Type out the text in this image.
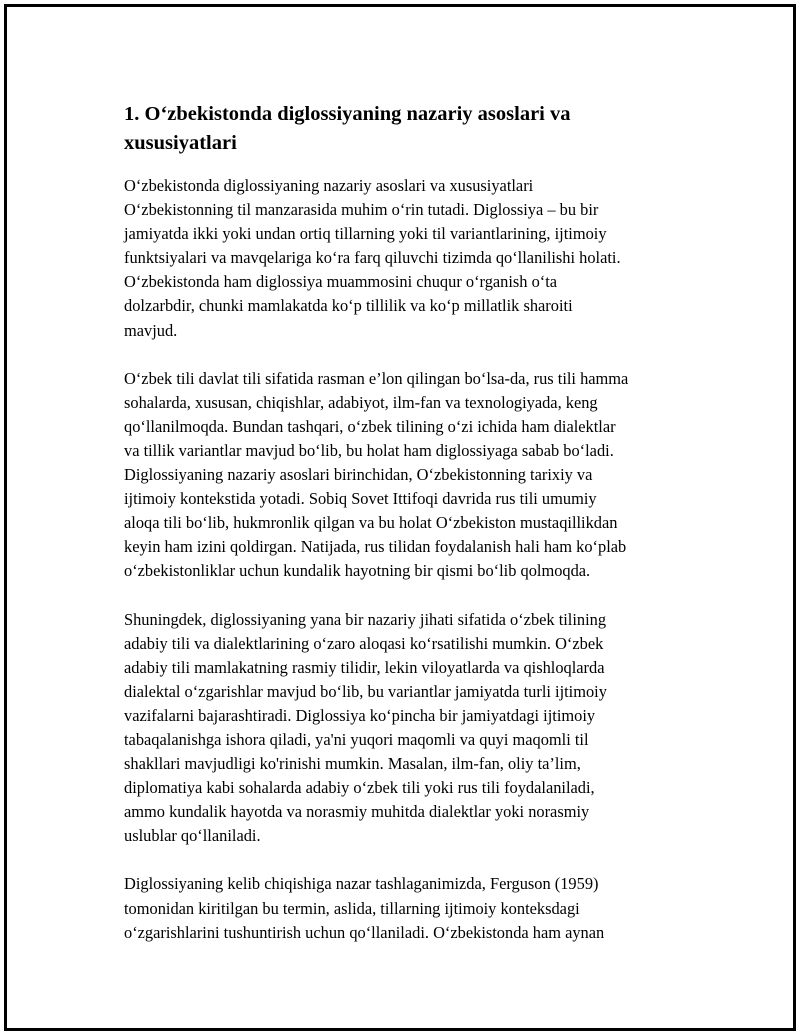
1. O‘zbekistonda diglossiyaning nazariy asoslari va
xususiyatlari

O‘zbekistonda diglossiyaning nazariy asoslari va xususiyatlari
O‘zbekistonning til manzarasida muhim o‘rin tutadi. Diglossiya – bu bir
jamiyatda ikki yoki undan ortiq tillarning yoki til variantlarining, ijtimoiy
funktsiyalari va mavqelariga ko‘ra farq qiluvchi tizimda qo‘llanilishi holati.
O‘zbekistonda ham diglossiya muammosini chuqur o‘rganish o‘ta
dolzarbdir, chunki mamlakatda ko‘p tillilik va ko‘p millatlik sharoiti
mavjud.

O‘zbek tili davlat tili sifatida rasman e’lon qilingan bo‘lsa-da, rus tili hamma
sohalarda, xususan, chiqishlar, adabiyot, ilm-fan va texnologiyada, keng
qo‘llanilmoqda. Bundan tashqari, o‘zbek tilining o‘zi ichida ham dialektlar
va tillik variantlar mavjud bo‘lib, bu holat ham diglossiyaga sabab bo‘ladi.
Diglossiyaning nazariy asoslari birinchidan, O‘zbekistonning tarixiy va
ijtimoiy kontekstida yotadi. Sobiq Sovet Ittifoqi davrida rus tili umumiy
aloqa tili bo‘lib, hukmronlik qilgan va bu holat O‘zbekiston mustaqillikdan
keyin ham izini qoldirgan. Natijada, rus tilidan foydalanish hali ham ko‘plab
o‘zbekistonliklar uchun kundalik hayotning bir qismi bo‘lib qolmoqda.

Shuningdek, diglossiyaning yana bir nazariy jihati sifatida o‘zbek tilining
adabiy tili va dialektlarining o‘zaro aloqasi ko‘rsatilishi mumkin. O‘zbek
adabiy tili mamlakatning rasmiy tilidir, lekin viloyatlarda va qishloqlarda
dialektal o‘zgarishlar mavjud bo‘lib, bu variantlar jamiyatda turli ijtimoiy
vazifalarni bajarashtiradi. Diglossiya ko‘pincha bir jamiyatdagi ijtimoiy
tabaqalanishga ishora qiladi, ya'ni yuqori maqomli va quyi maqomli til
shakllari mavjudligi ko'rinishi mumkin. Masalan, ilm-fan, oliy ta’lim,
diplomatiya kabi sohalarda adabiy o‘zbek tili yoki rus tili foydalaniladi,
ammo kundalik hayotda va norasmiy muhitda dialektlar yoki norasmiy
uslublar qo‘llaniladi.

Diglossiyaning kelib chiqishiga nazar tashlaganimizda, Ferguson (1959)
tomonidan kiritilgan bu termin, aslida, tillarning ijtimoiy konteksdagi
o‘zgarishlarini tushuntirish uchun qo‘llaniladi. O‘zbekistonda ham aynan
